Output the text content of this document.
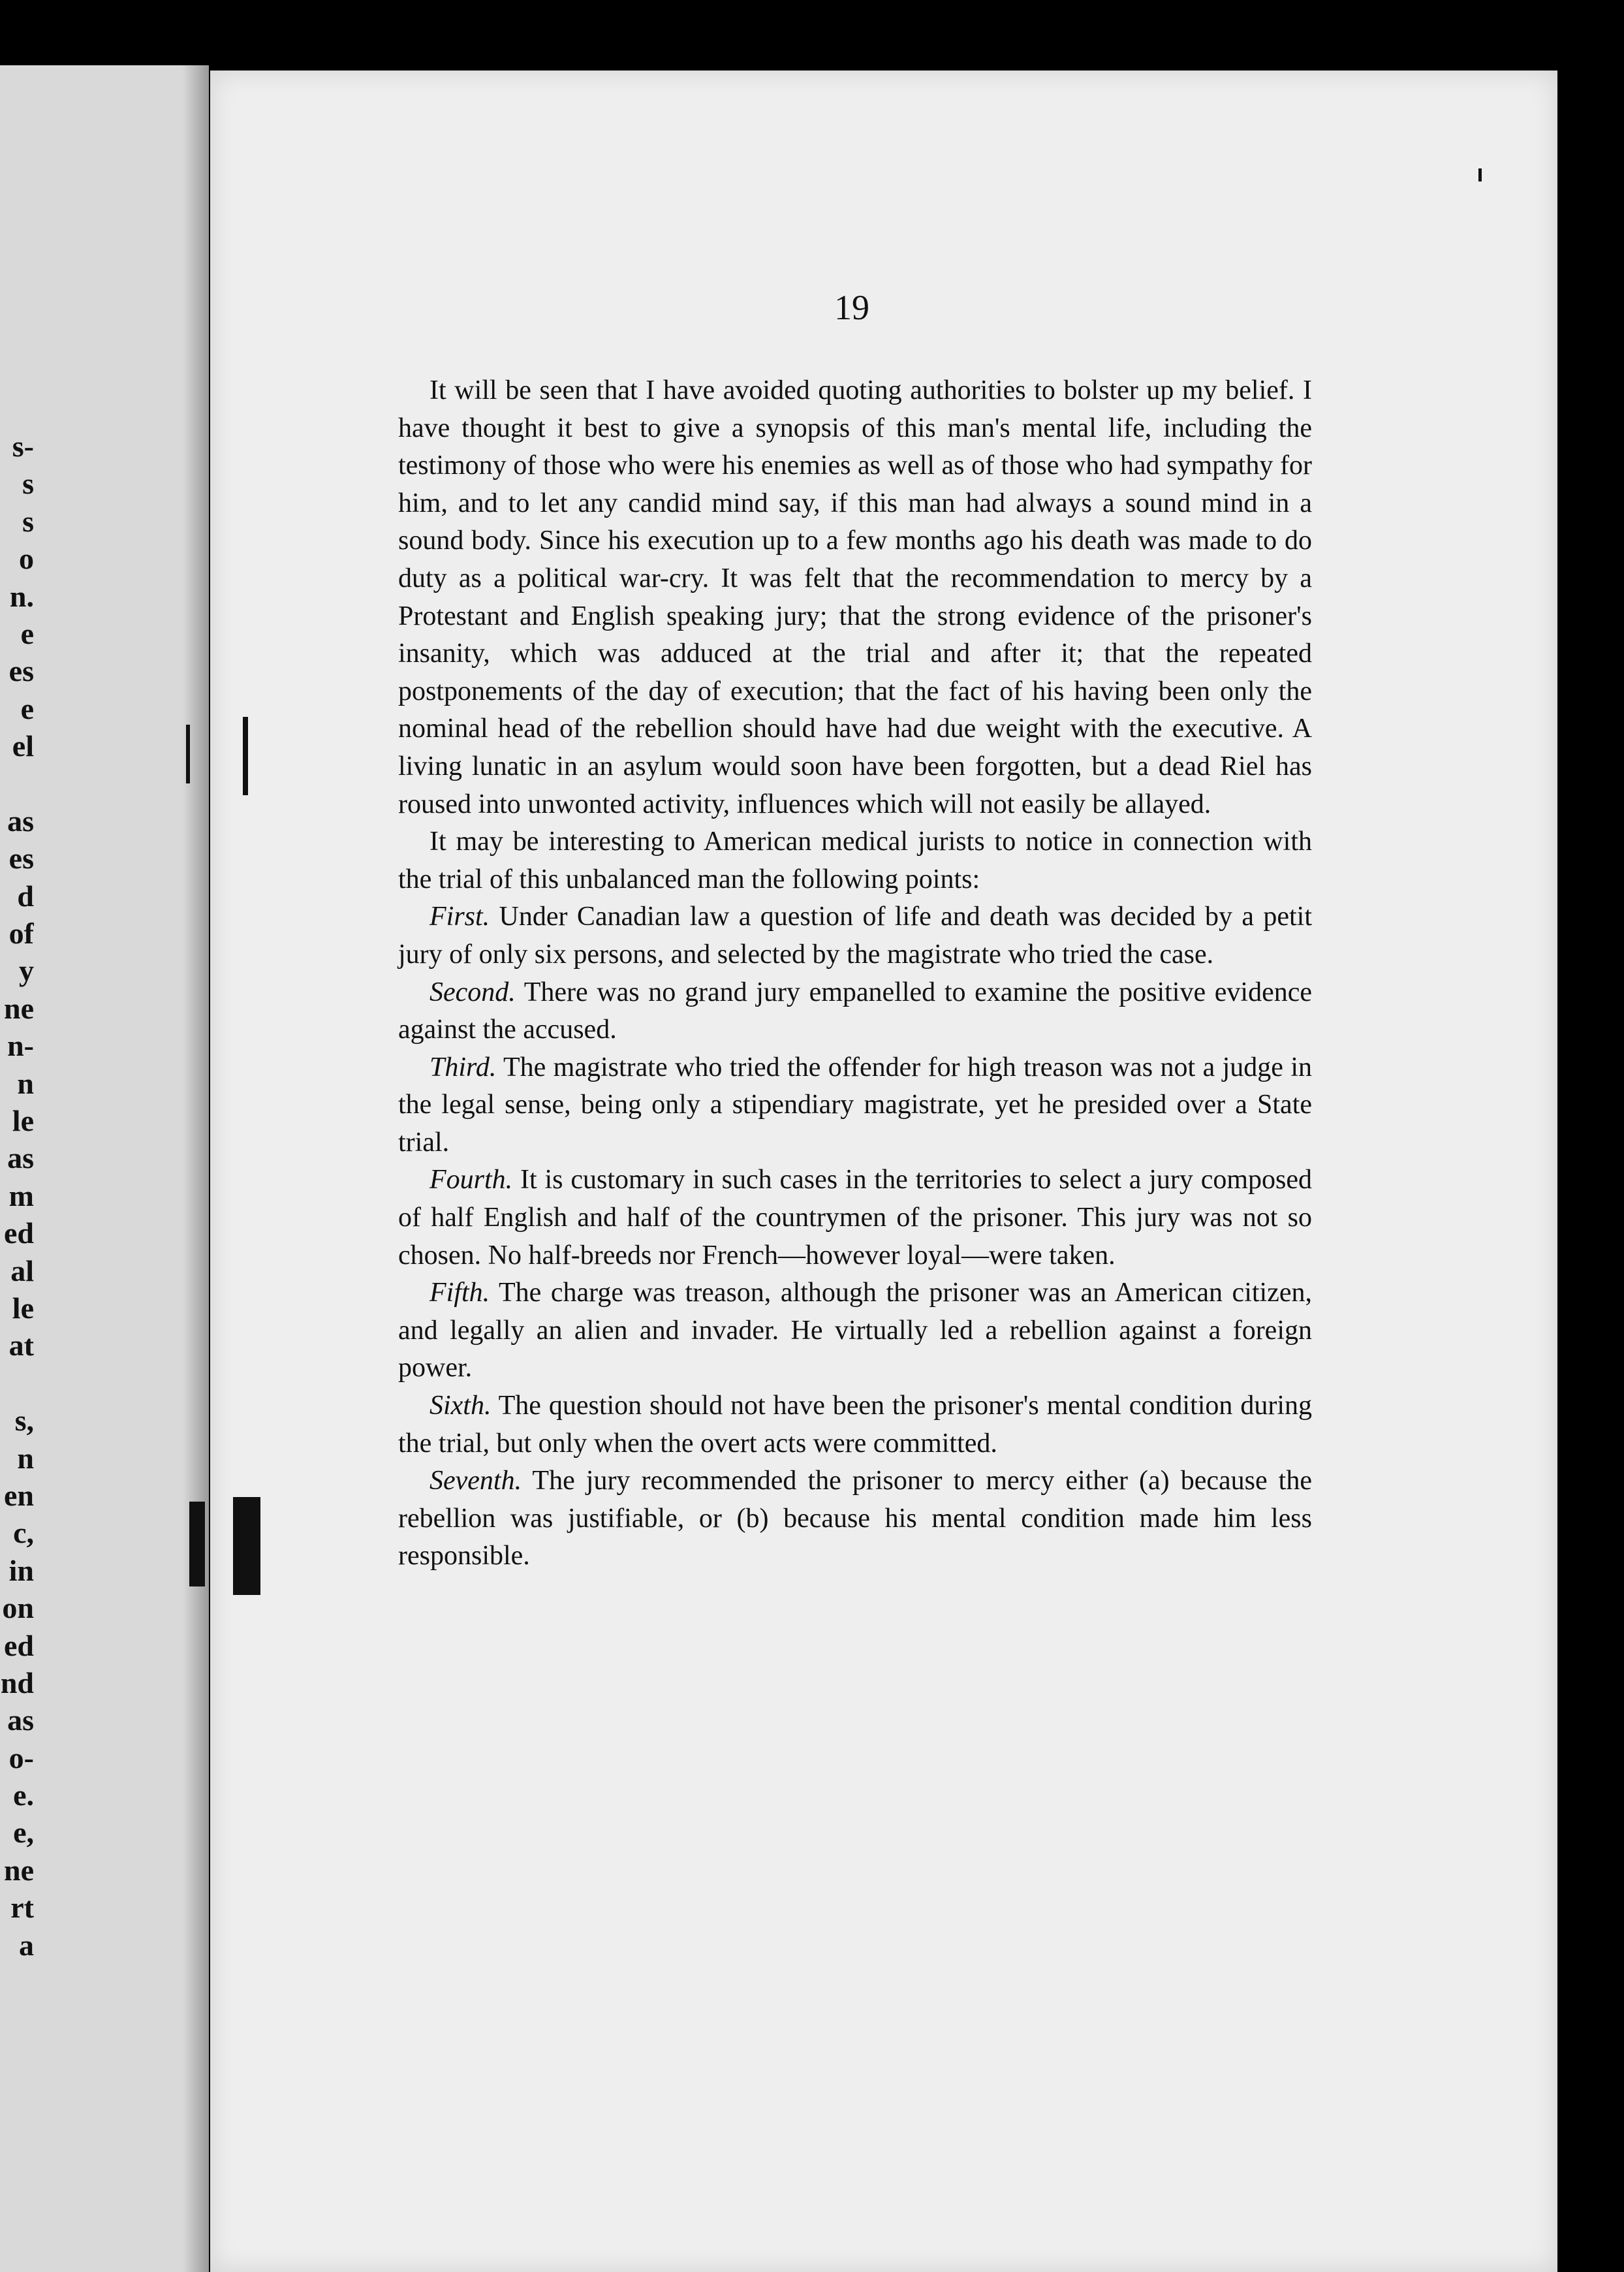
s-
s
s
o
n.
e
es
e
el
as
es
d
of
y
ne
n-
n
le
as
m
ed
al
le
at
s,
n
en
c,
in
on
ed
nd
as
o-
e.
e,
ne
rt
a
19

It will be seen that I have avoided quoting authorities to bolster up my belief. I have thought it best to give a synopsis of this man's mental life, including the testimony of those who were his enemies as well as of those who had sympathy for him, and to let any candid mind say, if this man had always a sound mind in a sound body. Since his execution up to a few months ago his death was made to do duty as a political war-cry. It was felt that the recommendation to mercy by a Protestant and English speaking jury; that the strong evidence of the prisoner's insanity, which was adduced at the trial and after it; that the repeated postponements of the day of execution; that the fact of his having been only the nominal head of the rebellion should have had due weight with the executive. A living lunatic in an asylum would soon have been forgotten, but a dead Riel has roused into unwonted activity, influences which will not easily be allayed.

It may be interesting to American medical jurists to notice in connection with the trial of this unbalanced man the following points:

First. Under Canadian law a question of life and death was decided by a petit jury of only six persons, and selected by the magistrate who tried the case.

Second. There was no grand jury empanelled to examine the positive evidence against the accused.

Third. The magistrate who tried the offender for high treason was not a judge in the legal sense, being only a stipendiary magistrate, yet he presided over a State trial.

Fourth. It is customary in such cases in the territories to select a jury composed of half English and half of the countrymen of the prisoner. This jury was not so chosen. No half-breeds nor French—however loyal—were taken.

Fifth. The charge was treason, although the prisoner was an American citizen, and legally an alien and invader. He virtually led a rebellion against a foreign power.

Sixth. The question should not have been the prisoner's mental condition during the trial, but only when the overt acts were committed.

Seventh. The jury recommended the prisoner to mercy either (a) because the rebellion was justifiable, or (b) because his mental condition made him less responsible.
